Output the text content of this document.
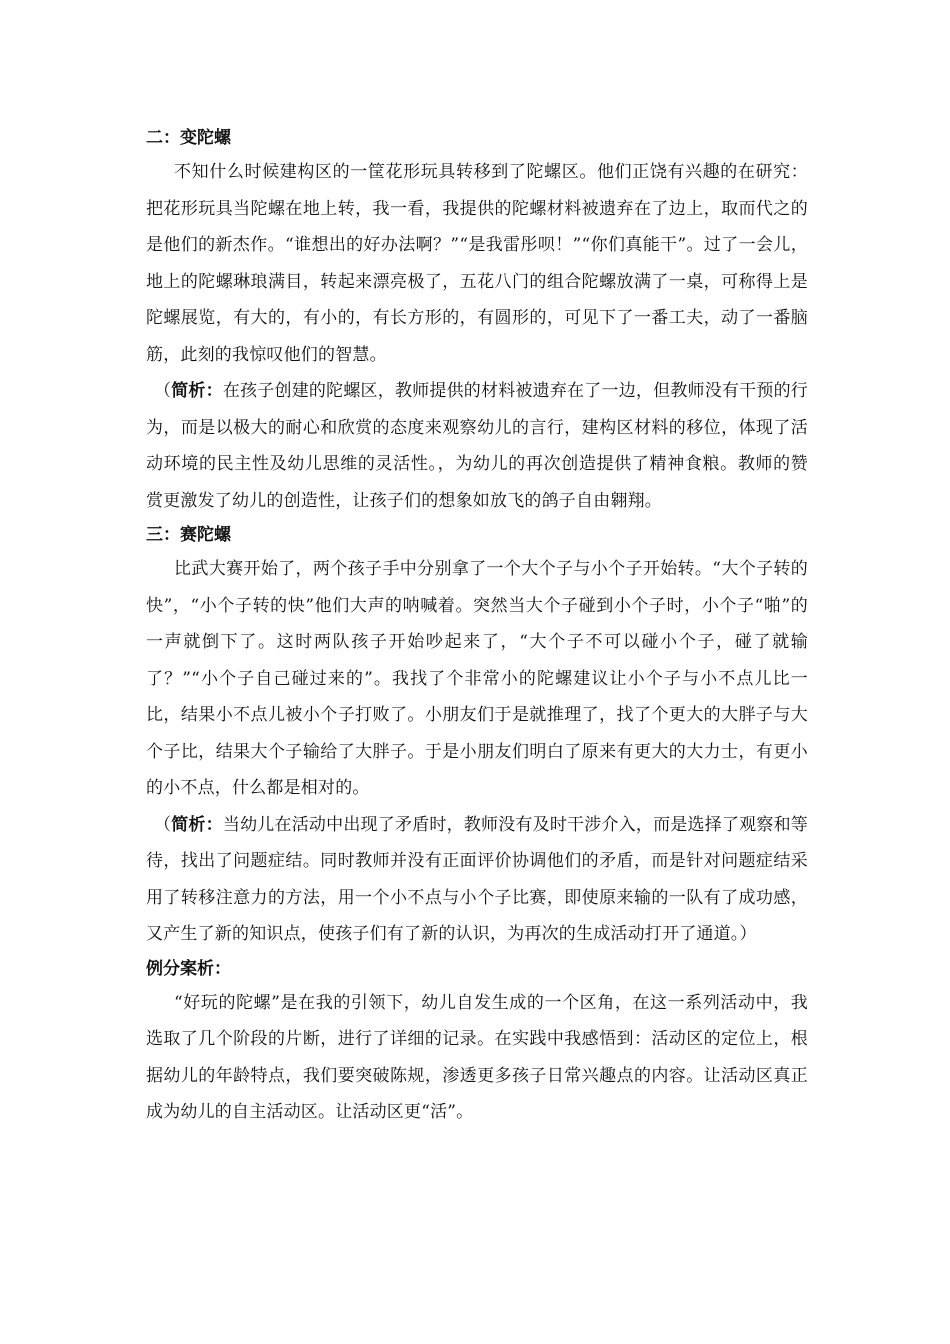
二：变陀螺

不知什么时候建构区的一筐花形玩具转移到了陀螺区。他们正饶有兴趣的在研究：把花形玩具当陀螺在地上转，我一看，我提供的陀螺材料被遗弃在了边上，取而代之的是他们的新杰作。“谁想出的好办法啊？”“是我雷彤呗！”“你们真能干”。过了一会儿，地上的陀螺琳琅满目，转起来漂亮极了，五花八门的组合陀螺放满了一桌，可称得上是陀螺展览，有大的，有小的，有长方形的，有圆形的，可见下了一番工夫，动了一番脑筋，此刻的我惊叹他们的智慧。

（简析：在孩子创建的陀螺区，教师提供的材料被遗弃在了一边，但教师没有干预的行为，而是以极大的耐心和欣赏的态度来观察幼儿的言行，建构区材料的移位，体现了活动环境的民主性及幼儿思维的灵活性。，为幼儿的再次创造提供了精神食粮。教师的赞赏更激发了幼儿的创造性，让孩子们的想象如放飞的鸽子自由翱翔。

三：赛陀螺

比武大赛开始了，两个孩子手中分别拿了一个大个子与小个子开始转。“大个子转的快”，“小个子转的快”他们大声的呐喊着。突然当大个子碰到小个子时，小个子“啪”的一声就倒下了。这时两队孩子开始吵起来了，“大个子不可以碰小个子，碰了就输了？”“小个子自己碰过来的”。我找了个非常小的陀螺建议让小个子与小不点儿比一比，结果小不点儿被小个子打败了。小朋友们于是就推理了，找了个更大的大胖子与大个子比，结果大个子输给了大胖子。于是小朋友们明白了原来有更大的大力士，有更小的小不点，什么都是相对的。

（简析：当幼儿在活动中出现了矛盾时，教师没有及时干涉介入，而是选择了观察和等待，找出了问题症结。同时教师并没有正面评价协调他们的矛盾，而是针对问题症结采用了转移注意力的方法，用一个小不点与小个子比赛，即使原来输的一队有了成功感，又产生了新的知识点，使孩子们有了新的认识，为再次的生成活动打开了通道。）

例分案析：

“好玩的陀螺”是在我的引领下，幼儿自发生成的一个区角，在这一系列活动中，我选取了几个阶段的片断，进行了详细的记录。在实践中我感悟到：活动区的定位上，根据幼儿的年龄特点，我们要突破陈规，渗透更多孩子日常兴趣点的内容。让活动区真正成为幼儿的自主活动区。让活动区更“活”。
